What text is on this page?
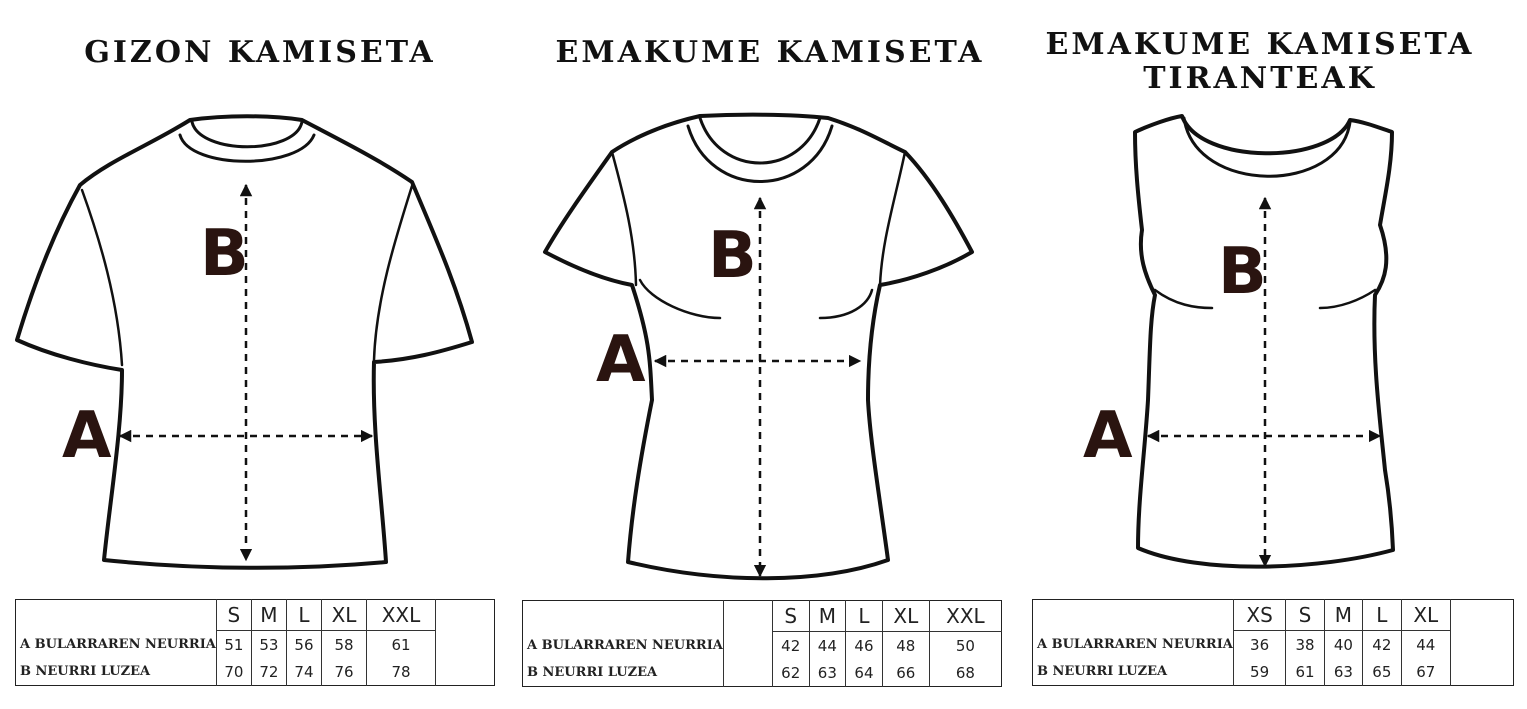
GIZON KAMISETA	EMAKUME KAMISETA	EMAKUME KAMISETA TIRANTEAK
B
A
B
A
B
A
	S	M	L	XL	XXL	
A BULARRAREN NEURRIA	51	53	56	58	61	
B NEURRI LUZEA	70	72	74	76	78	
		S	M	L	XL	XXL
A BULARRAREN NEURRIA		42	44	46	48	50
B NEURRI LUZEA		62	63	64	66	68
	XS	S	M	L	XL	
A BULARRAREN NEURRIA	36	38	40	42	44	
B NEURRI LUZEA	59	61	63	65	67	
